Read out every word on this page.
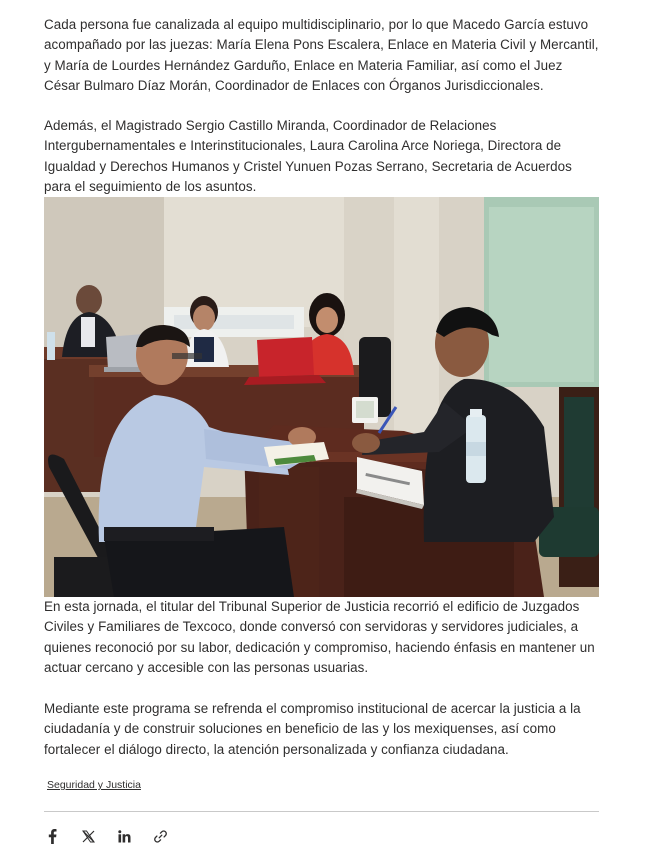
Cada persona fue canalizada al equipo multidisciplinario, por lo que Macedo García estuvo acompañado por las juezas: María Elena Pons Escalera, Enlace en Materia Civil y Mercantil, y María de Lourdes Hernández Garduño, Enlace en Materia Familiar, así como el Juez César Bulmaro Díaz Morán, Coordinador de Enlaces con Órganos Jurisdiccionales.

Además, el Magistrado Sergio Castillo Miranda, Coordinador de Relaciones Intergubernamentales e Interinstitucionales, Laura Carolina Arce Noriega, Directora de Igualdad y Derechos Humanos y Cristel Yunuen Pozas Serrano, Secretaria de Acuerdos para el seguimiento de los asuntos.

En esta jornada, el titular del Tribunal Superior de Justicia recorrió el edificio de Juzgados Civiles y Familiares de Texcoco, donde conversó con servidoras y servidores judiciales, a quienes reconoció por su labor, dedicación y compromiso, haciendo énfasis en mantener un actuar cercano y accesible con las personas usuarias.

Mediante este programa se refrenda el compromiso institucional de acercar la justicia a la ciudadanía y de construir soluciones en beneficio de las y los mexiquenses, así como fortalecer el diálogo directo, la atención personalizada y confianza ciudadana.

Seguridad y Justicia
